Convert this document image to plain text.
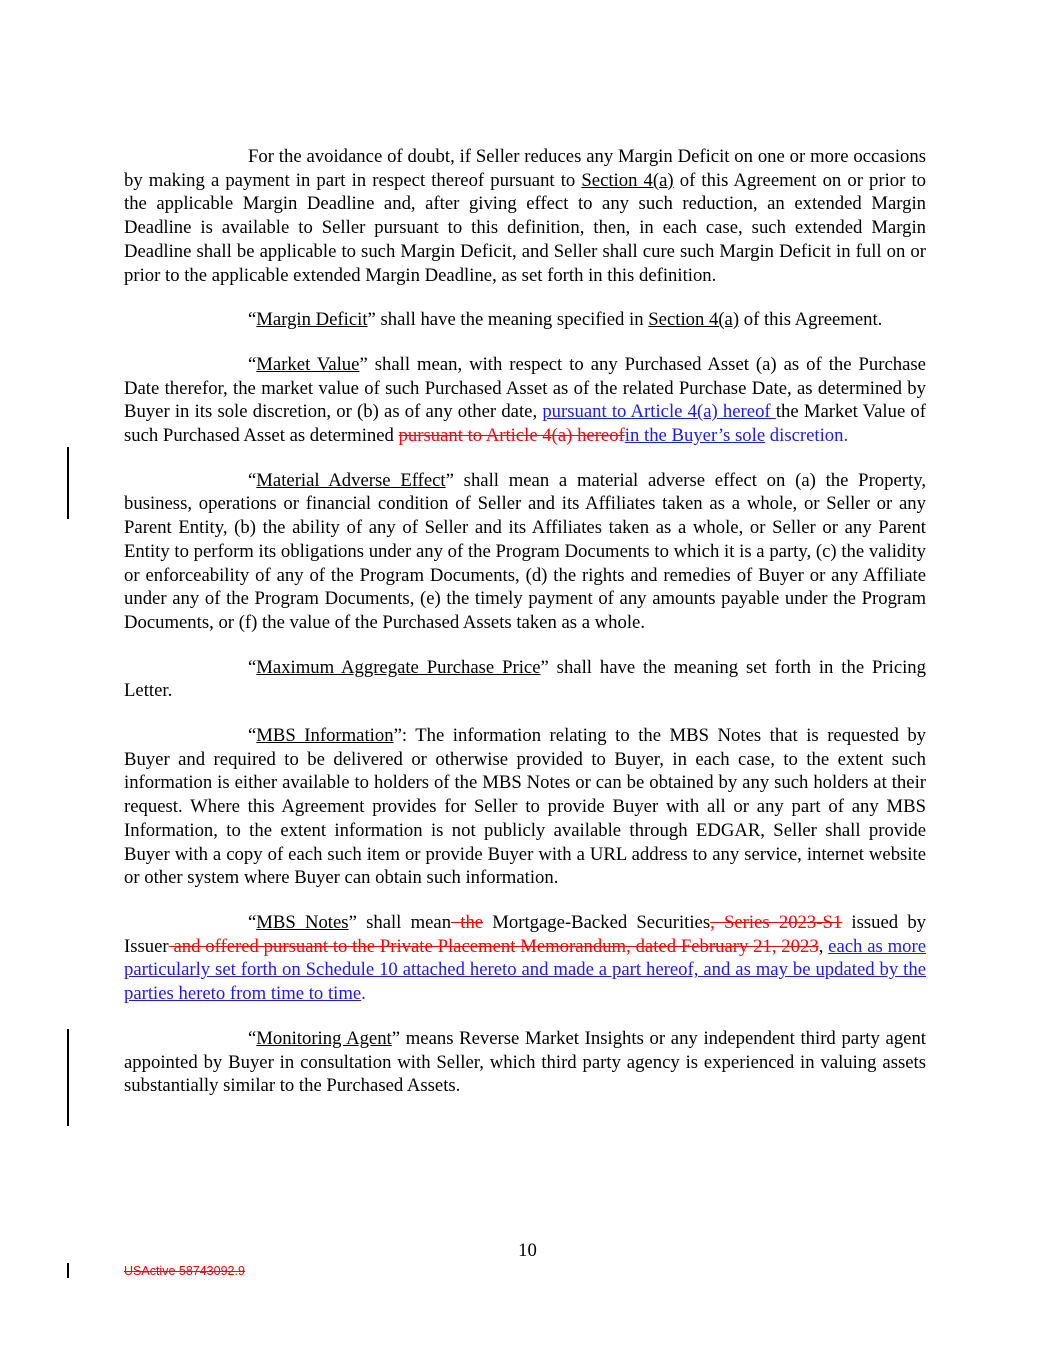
For the avoidance of doubt, if Seller reduces any Margin Deficit on one or more occasions by making a payment in part in respect thereof pursuant to Section 4(a) of this Agreement on or prior to the applicable Margin Deadline and, after giving effect to any such reduction, an extended Margin Deadline is available to Seller pursuant to this definition, then, in each case, such extended Margin Deadline shall be applicable to such Margin Deficit, and Seller shall cure such Margin Deficit in full on or prior to the applicable extended Margin Deadline, as set forth in this definition.

“Margin Deficit” shall have the meaning specified in Section 4(a) of this Agreement.

“Market Value” shall mean, with respect to any Purchased Asset (a) as of the Purchase Date therefor, the market value of such Purchased Asset as of the related Purchase Date, as determined by Buyer in its sole discretion, or (b) as of any other date, pursuant to Article 4(a) hereof the Market Value of such Purchased Asset as determined pursuant to Article 4(a) hereofin the Buyer’s sole discretion.

“Material Adverse Effect” shall mean a material adverse effect on (a) the Property, business, operations or financial condition of Seller and its Affiliates taken as a whole, or Seller or any Parent Entity, (b) the ability of any of Seller and its Affiliates taken as a whole, or Seller or any Parent Entity to perform its obligations under any of the Program Documents to which it is a party, (c) the validity or enforceability of any of the Program Documents, (d) the rights and remedies of Buyer or any Affiliate under any of the Program Documents, (e) the timely payment of any amounts payable under the Program Documents, or (f) the value of the Purchased Assets taken as a whole.

“Maximum Aggregate Purchase Price” shall have the meaning set forth in the Pricing Letter.

“MBS Information”: The information relating to the MBS Notes that is requested by Buyer and required to be delivered or otherwise provided to Buyer, in each case, to the extent such information is either available to holders of the MBS Notes or can be obtained by any such holders at their request. Where this Agreement provides for Seller to provide Buyer with all or any part of any MBS Information, to the extent information is not publicly available through EDGAR, Seller shall provide Buyer with a copy of each such item or provide Buyer with a URL address to any service, internet website or other system where Buyer can obtain such information.

“MBS Notes” shall mean the Mortgage-Backed Securities, Series 2023-S1 issued by Issuer and offered pursuant to the Private Placement Memorandum, dated February 21, 2023, each as more particularly set forth on Schedule 10 attached hereto and made a part hereof, and as may be updated by the parties hereto from time to time.

“Monitoring Agent” means Reverse Market Insights or any independent third party agent appointed by Buyer in consultation with Seller, which third party agency is experienced in valuing assets substantially similar to the Purchased Assets.

10
USActive 58743092.9
